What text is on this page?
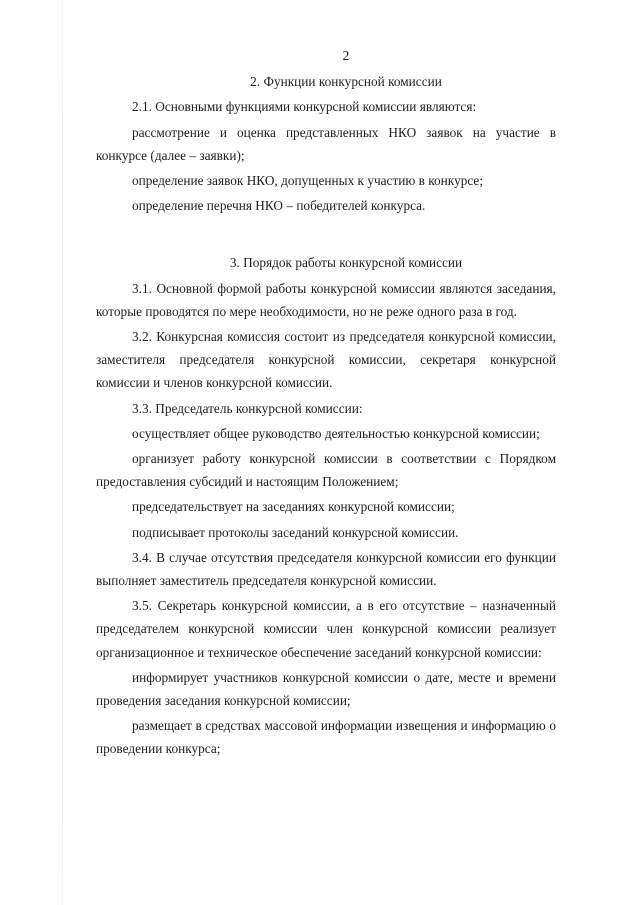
2
2. Функции конкурсной комиссии

2.1. Основными функциями конкурсной комиссии являются:

рассмотрение и оценка представленных НКО заявок на участие в конкурсе (далее – заявки);

определение заявок НКО, допущенных к участию в конкурсе;

определение перечня НКО – победителей конкурса.

3. Порядок работы конкурсной комиссии

3.1. Основной формой работы конкурсной комиссии являются заседания, которые проводятся по мере необходимости, но не реже одного раза в год.

3.2. Конкурсная комиссия состоит из председателя конкурсной комиссии, заместителя председателя конкурсной комиссии, секретаря конкурсной комиссии и членов конкурсной комиссии.

3.3. Председатель конкурсной комиссии:

осуществляет общее руководство деятельностью конкурсной комиссии;

организует работу конкурсной комиссии в соответствии с Порядком предоставления субсидий и настоящим Положением;

председательствует на заседаниях конкурсной комиссии;

подписывает протоколы заседаний конкурсной комиссии.

3.4. В случае отсутствия председателя конкурсной комиссии его функции выполняет заместитель председателя конкурсной комиссии.

3.5. Секретарь конкурсной комиссии, а в его отсутствие – назначенный председателем конкурсной комиссии член конкурсной комиссии реализует организационное и техническое обеспечение заседаний конкурсной комиссии:

информирует участников конкурсной комиссии о дате, месте и времени проведения заседания конкурсной комиссии;

размещает в средствах массовой информации извещения и информацию о проведении конкурса;
